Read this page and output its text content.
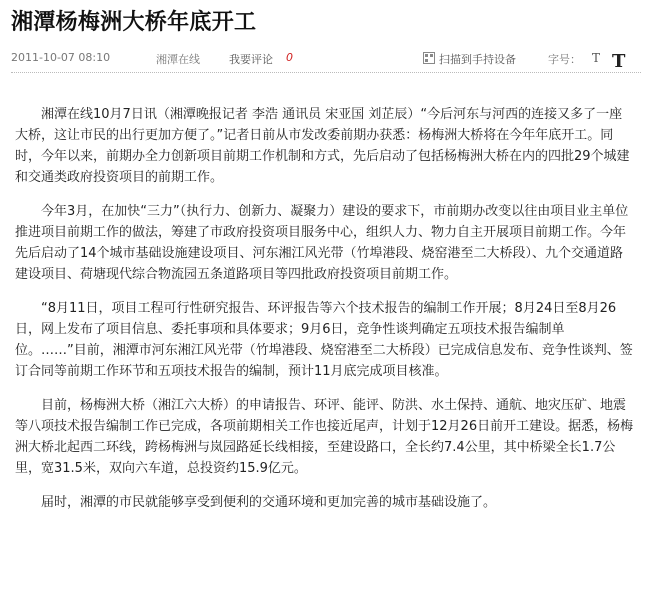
湘潭杨梅洲大桥年底开工
2011-10-07 08:10	湘潭在线	我要评论 0	扫描到手持设备	字号： T T

湘潭在线10月7日讯（湘潭晚报记者 李浩 通讯员 宋亚国 刘芷辰）“今后河东与河西的连接又多了一座大桥，这让市民的出行更加方便了。”记者日前从市发改委前期办获悉：杨梅洲大桥将在今年年底开工。同时，今年以来，前期办全力创新项目前期工作机制和方式，先后启动了包括杨梅洲大桥在内的四批29个城建和交通类政府投资项目的前期工作。

今年3月，在加快“三力”（执行力、创新力、凝聚力）建设的要求下，市前期办改变以往由项目业主单位推进项目前期工作的做法，筹建了市政府投资项目服务中心，组织人力、物力自主开展项目前期工作。今年先后启动了14个城市基础设施建设项目、河东湘江风光带（竹埠港段、烧窑港至二大桥段）、九个交通道路建设项目、荷塘现代综合物流园五条道路项目等四批政府投资项目前期工作。

“8月11日，项目工程可行性研究报告、环评报告等六个技术报告的编制工作开展；8月24日至8月26日，网上发布了项目信息、委托事项和具体要求；9月6日，竞争性谈判确定五项技术报告编制单位。……”目前，湘潭市河东湘江风光带（竹埠港段、烧窑港至二大桥段）已完成信息发布、竞争性谈判、签订合同等前期工作环节和五项技术报告的编制，预计11月底完成项目核准。

目前，杨梅洲大桥（湘江六大桥）的申请报告、环评、能评、防洪、水土保持、通航、地灾压矿、地震等八项技术报告编制工作已完成，各项前期相关工作也接近尾声，计划于12月26日前开工建设。据悉，杨梅洲大桥北起西二环线，跨杨梅洲与岚园路延长线相接，至建设路口，全长约7.4公里，其中桥梁全长1.7公里，宽31.5米，双向六车道，总投资约15.9亿元。

届时，湘潭的市民就能够享受到便利的交通环境和更加完善的城市基础设施了。
